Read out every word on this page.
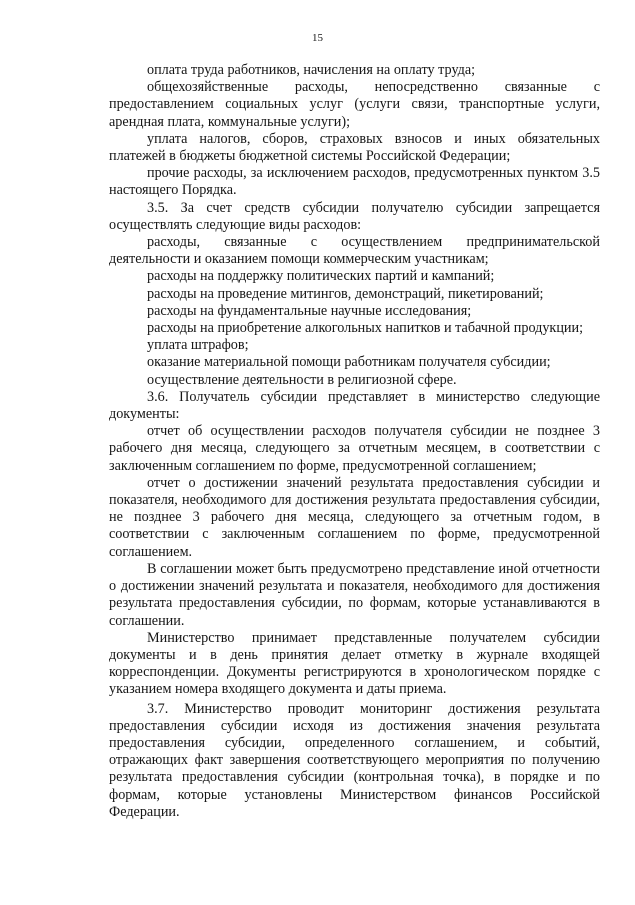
15

оплата труда работников, начисления на оплату труда;

общехозяйственные расходы, непосредственно связанные с предоставлением социальных услуг (услуги связи, транспортные услуги, арендная плата, коммунальные услуги);

уплата налогов, сборов, страховых взносов и иных обязательных платежей в бюджеты бюджетной системы Российской Федерации;

прочие расходы, за исключением расходов, предусмотренных пунктом 3.5 настоящего Порядка.

3.5. За счет средств субсидии получателю субсидии запрещается осуществлять следующие виды расходов:

расходы, связанные с осуществлением предпринимательской деятельности и оказанием помощи коммерческим участникам;

расходы на поддержку политических партий и кампаний;

расходы на проведение митингов, демонстраций, пикетирований;

расходы на фундаментальные научные исследования;

расходы на приобретение алкогольных напитков и табачной продукции;

уплата штрафов;

оказание материальной помощи работникам получателя субсидии;

осуществление деятельности в религиозной сфере.

3.6. Получатель субсидии представляет в министерство следующие документы:

отчет об осуществлении расходов получателя субсидии не позднее 3 рабочего дня месяца, следующего за отчетным месяцем, в соответствии с заключенным соглашением по форме, предусмотренной соглашением;

отчет о достижении значений результата предоставления субсидии и показателя, необходимого для достижения результата предоставления субсидии, не позднее 3 рабочего дня месяца, следующего за отчетным годом, в соответствии с заключенным соглашением по форме, предусмотренной соглашением.

В соглашении может быть предусмотрено представление иной отчетности о достижении значений результата и показателя, необходимого для достижения результата предоставления субсидии, по формам, которые устанавливаются в соглашении.

Министерство принимает представленные получателем субсидии документы и в день принятия делает отметку в журнале входящей корреспонденции. Документы регистрируются в хронологическом порядке с указанием номера входящего документа и даты приема.

3.7. Министерство проводит мониторинг достижения результата предоставления субсидии исходя из достижения значения результата предоставления субсидии, определенного соглашением, и событий, отражающих факт завершения соответствующего мероприятия по получению результата предоставления субсидии (контрольная точка), в порядке и по формам, которые установлены Министерством финансов Российской Федерации.
